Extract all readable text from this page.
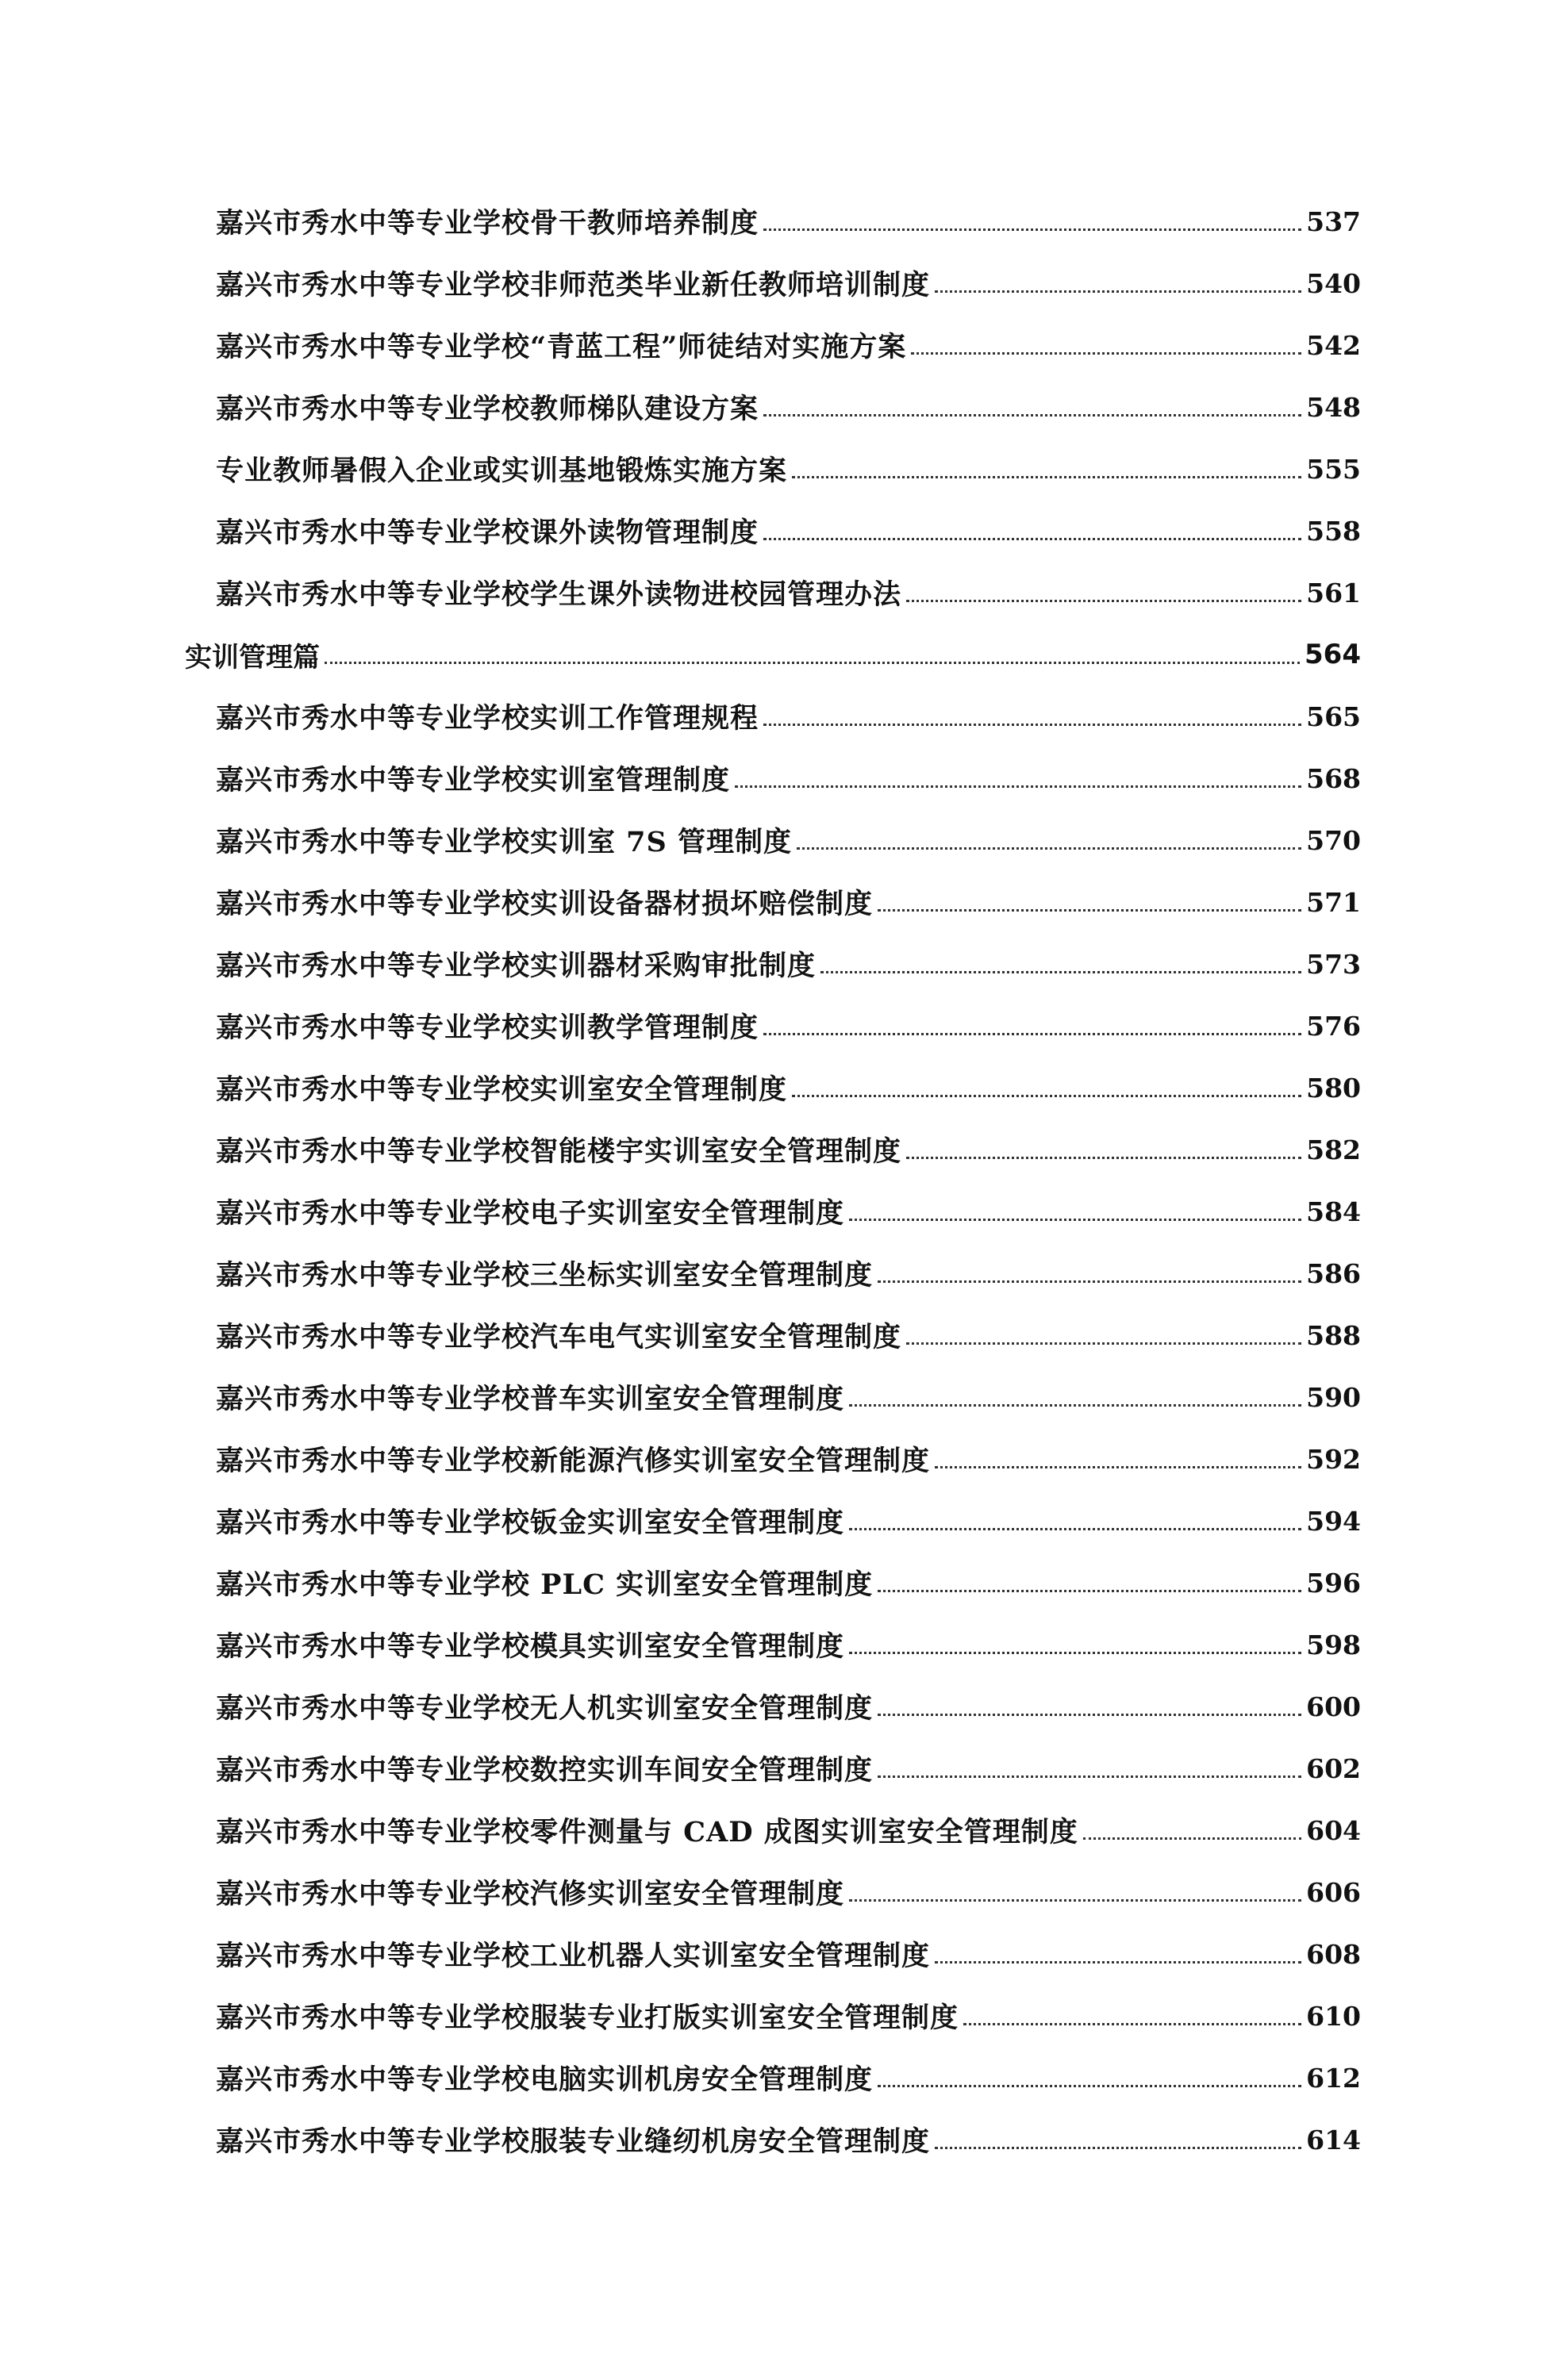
嘉兴市秀水中等专业学校骨干教师培养制度	537
嘉兴市秀水中等专业学校非师范类毕业新任教师培训制度	540
嘉兴市秀水中等专业学校“青蓝工程”师徒结对实施方案	542
嘉兴市秀水中等专业学校教师梯队建设方案	548
专业教师暑假入企业或实训基地锻炼实施方案	555
嘉兴市秀水中等专业学校课外读物管理制度	558
嘉兴市秀水中等专业学校学生课外读物进校园管理办法	561
实训管理篇	564
嘉兴市秀水中等专业学校实训工作管理规程	565
嘉兴市秀水中等专业学校实训室管理制度	568
嘉兴市秀水中等专业学校实训室 7S 管理制度	570
嘉兴市秀水中等专业学校实训设备器材损坏赔偿制度	571
嘉兴市秀水中等专业学校实训器材采购审批制度	573
嘉兴市秀水中等专业学校实训教学管理制度	576
嘉兴市秀水中等专业学校实训室安全管理制度	580
嘉兴市秀水中等专业学校智能楼宇实训室安全管理制度	582
嘉兴市秀水中等专业学校电子实训室安全管理制度	584
嘉兴市秀水中等专业学校三坐标实训室安全管理制度	586
嘉兴市秀水中等专业学校汽车电气实训室安全管理制度	588
嘉兴市秀水中等专业学校普车实训室安全管理制度	590
嘉兴市秀水中等专业学校新能源汽修实训室安全管理制度	592
嘉兴市秀水中等专业学校钣金实训室安全管理制度	594
嘉兴市秀水中等专业学校 PLC 实训室安全管理制度	596
嘉兴市秀水中等专业学校模具实训室安全管理制度	598
嘉兴市秀水中等专业学校无人机实训室安全管理制度	600
嘉兴市秀水中等专业学校数控实训车间安全管理制度	602
嘉兴市秀水中等专业学校零件测量与 CAD 成图实训室安全管理制度	604
嘉兴市秀水中等专业学校汽修实训室安全管理制度	606
嘉兴市秀水中等专业学校工业机器人实训室安全管理制度	608
嘉兴市秀水中等专业学校服装专业打版实训室安全管理制度	610
嘉兴市秀水中等专业学校电脑实训机房安全管理制度	612
嘉兴市秀水中等专业学校服装专业缝纫机房安全管理制度	614
